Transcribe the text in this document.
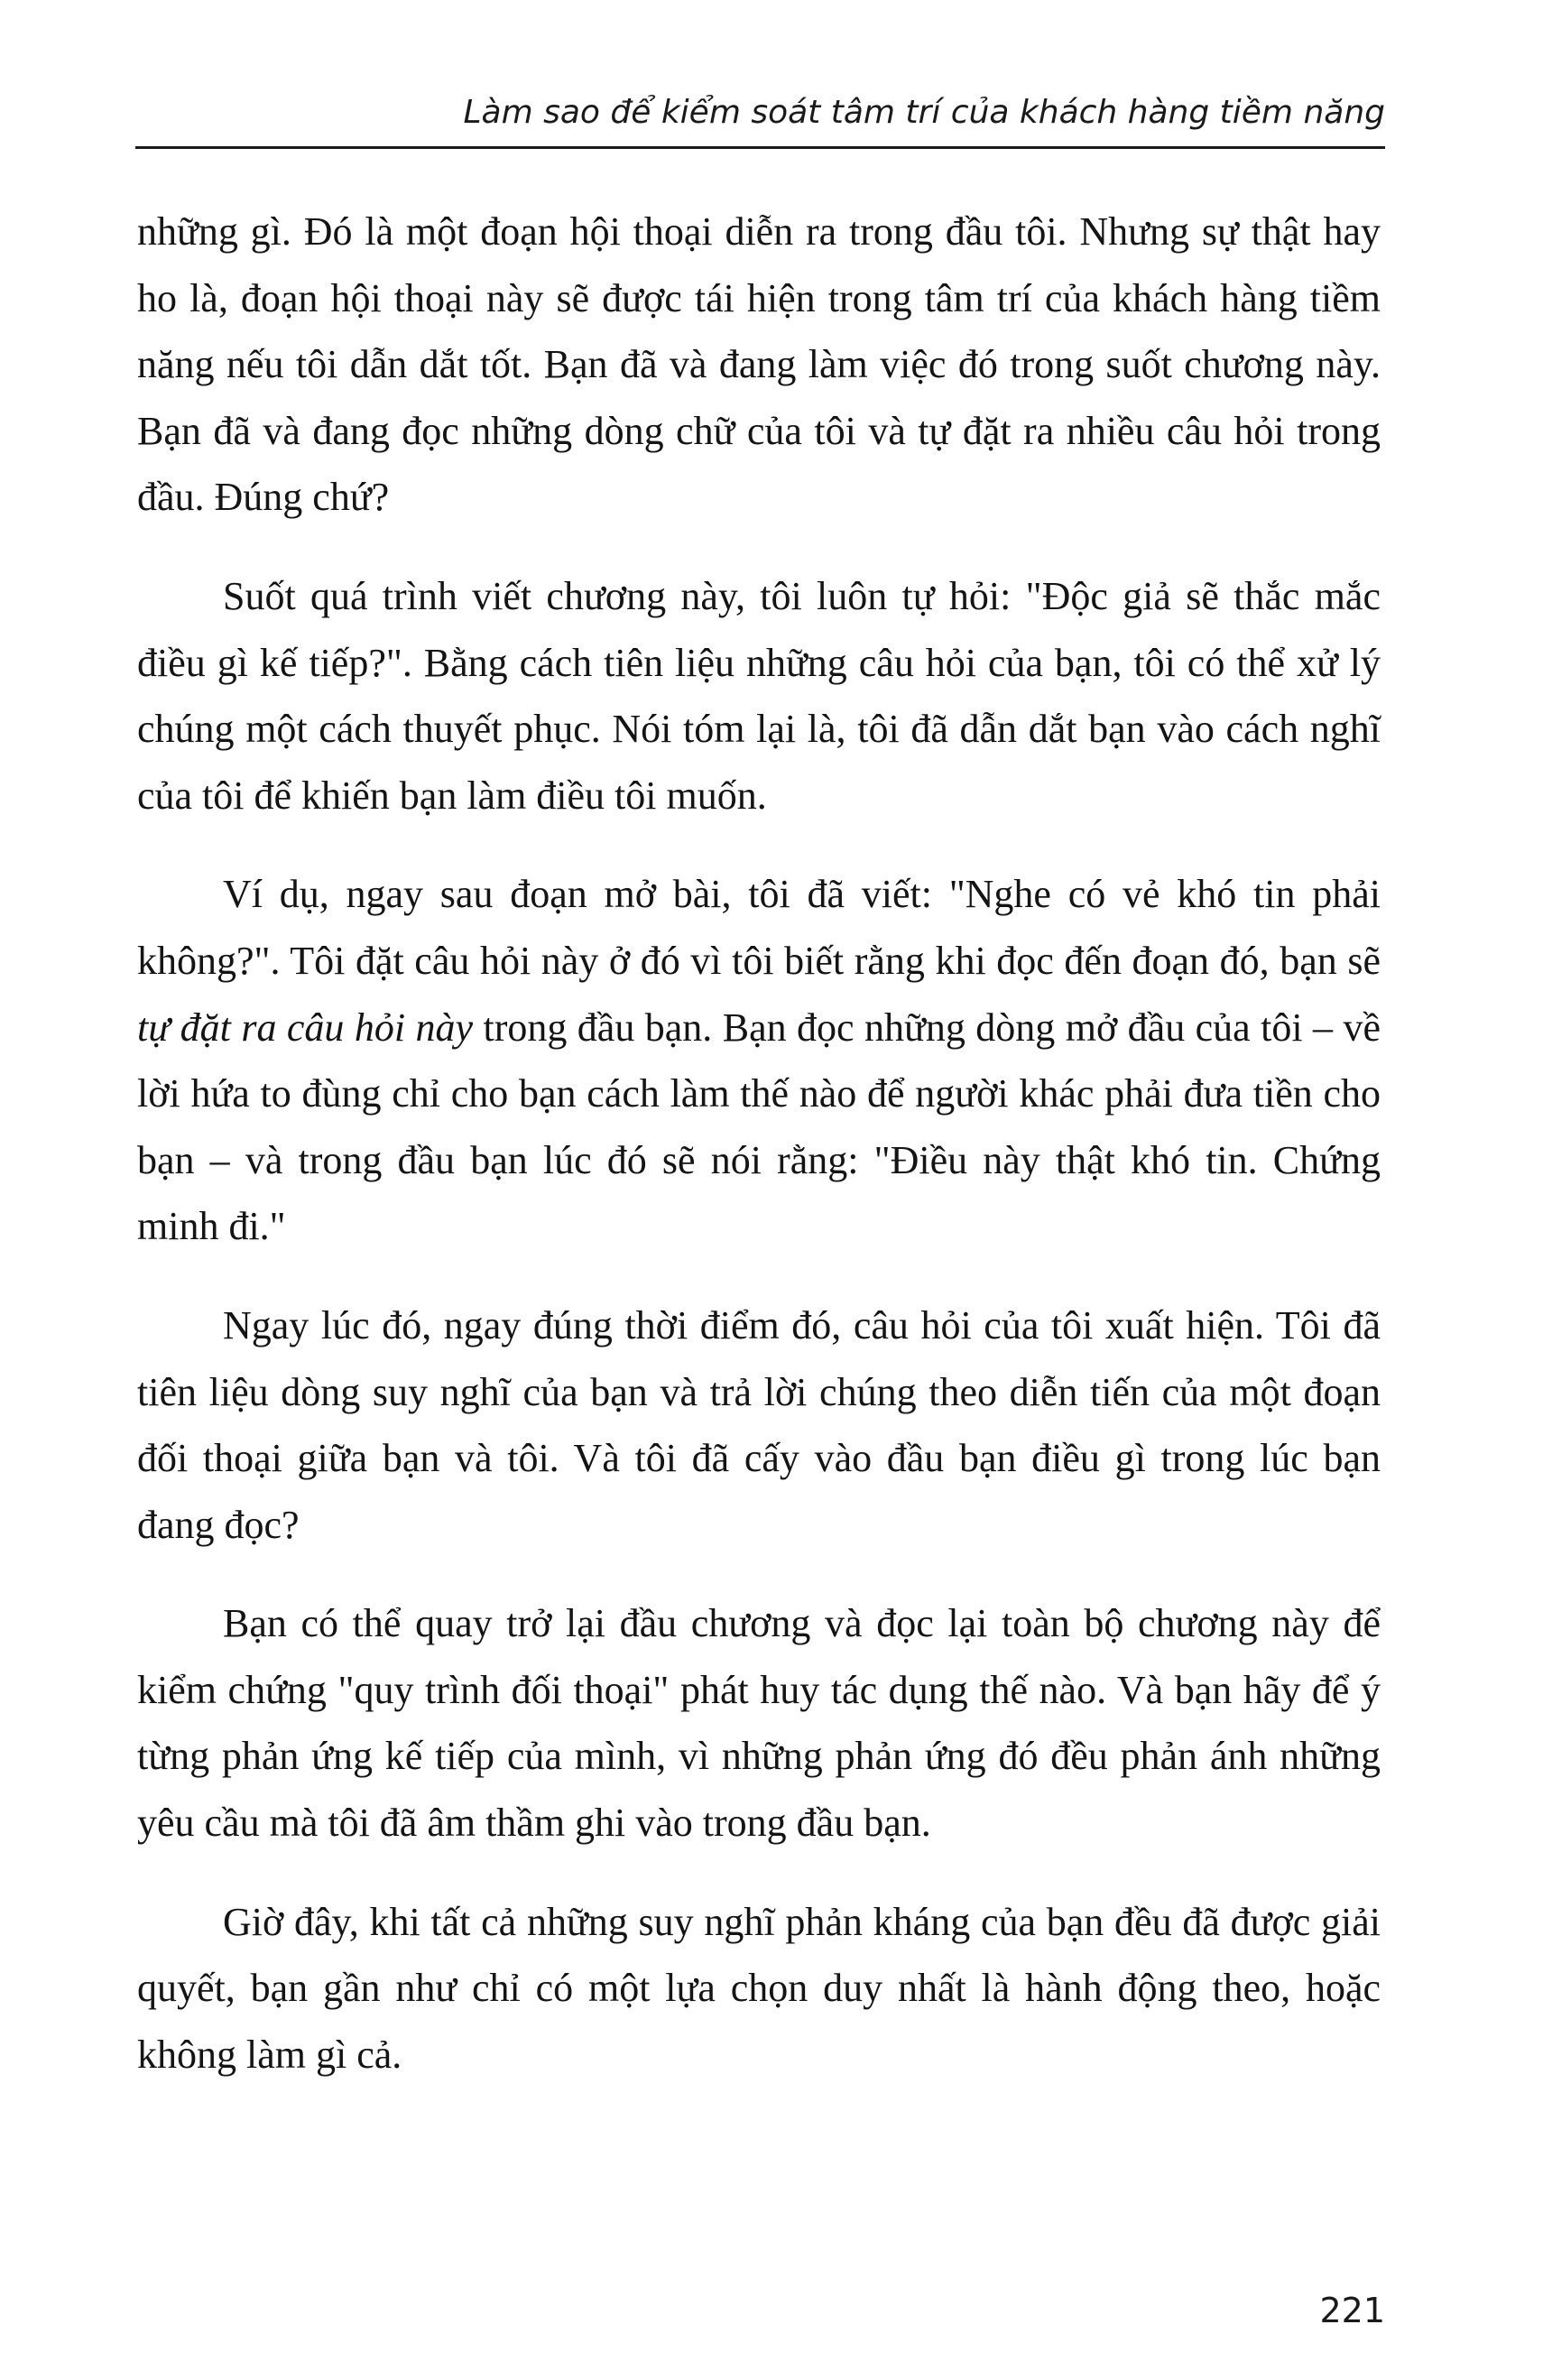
Làm sao để kiểm soát tâm trí của khách hàng tiềm năng

những gì. Đó là một đoạn hội thoại diễn ra trong đầu tôi. Nhưng sự thật hay ho là, đoạn hội thoại này sẽ được tái hiện trong tâm trí của khách hàng tiềm năng nếu tôi dẫn dắt tốt. Bạn đã và đang làm việc đó trong suốt chương này. Bạn đã và đang đọc những dòng chữ của tôi và tự đặt ra nhiều câu hỏi trong đầu. Đúng chứ?

Suốt quá trình viết chương này, tôi luôn tự hỏi: "Độc giả sẽ thắc mắc điều gì kế tiếp?". Bằng cách tiên liệu những câu hỏi của bạn, tôi có thể xử lý chúng một cách thuyết phục. Nói tóm lại là, tôi đã dẫn dắt bạn vào cách nghĩ của tôi để khiến bạn làm điều tôi muốn.

Ví dụ, ngay sau đoạn mở bài, tôi đã viết: "Nghe có vẻ khó tin phải không?". Tôi đặt câu hỏi này ở đó vì tôi biết rằng khi đọc đến đoạn đó, bạn sẽ tự đặt ra câu hỏi này trong đầu bạn. Bạn đọc những dòng mở đầu của tôi – về lời hứa to đùng chỉ cho bạn cách làm thế nào để người khác phải đưa tiền cho bạn – và trong đầu bạn lúc đó sẽ nói rằng: "Điều này thật khó tin. Chứng minh đi."

Ngay lúc đó, ngay đúng thời điểm đó, câu hỏi của tôi xuất hiện. Tôi đã tiên liệu dòng suy nghĩ của bạn và trả lời chúng theo diễn tiến của một đoạn đối thoại giữa bạn và tôi. Và tôi đã cấy vào đầu bạn điều gì trong lúc bạn đang đọc?

Bạn có thể quay trở lại đầu chương và đọc lại toàn bộ chương này để kiểm chứng "quy trình đối thoại" phát huy tác dụng thế nào. Và bạn hãy để ý từng phản ứng kế tiếp của mình, vì những phản ứng đó đều phản ánh những yêu cầu mà tôi đã âm thầm ghi vào trong đầu bạn.

Giờ đây, khi tất cả những suy nghĩ phản kháng của bạn đều đã được giải quyết, bạn gần như chỉ có một lựa chọn duy nhất là hành động theo, hoặc không làm gì cả.

221
